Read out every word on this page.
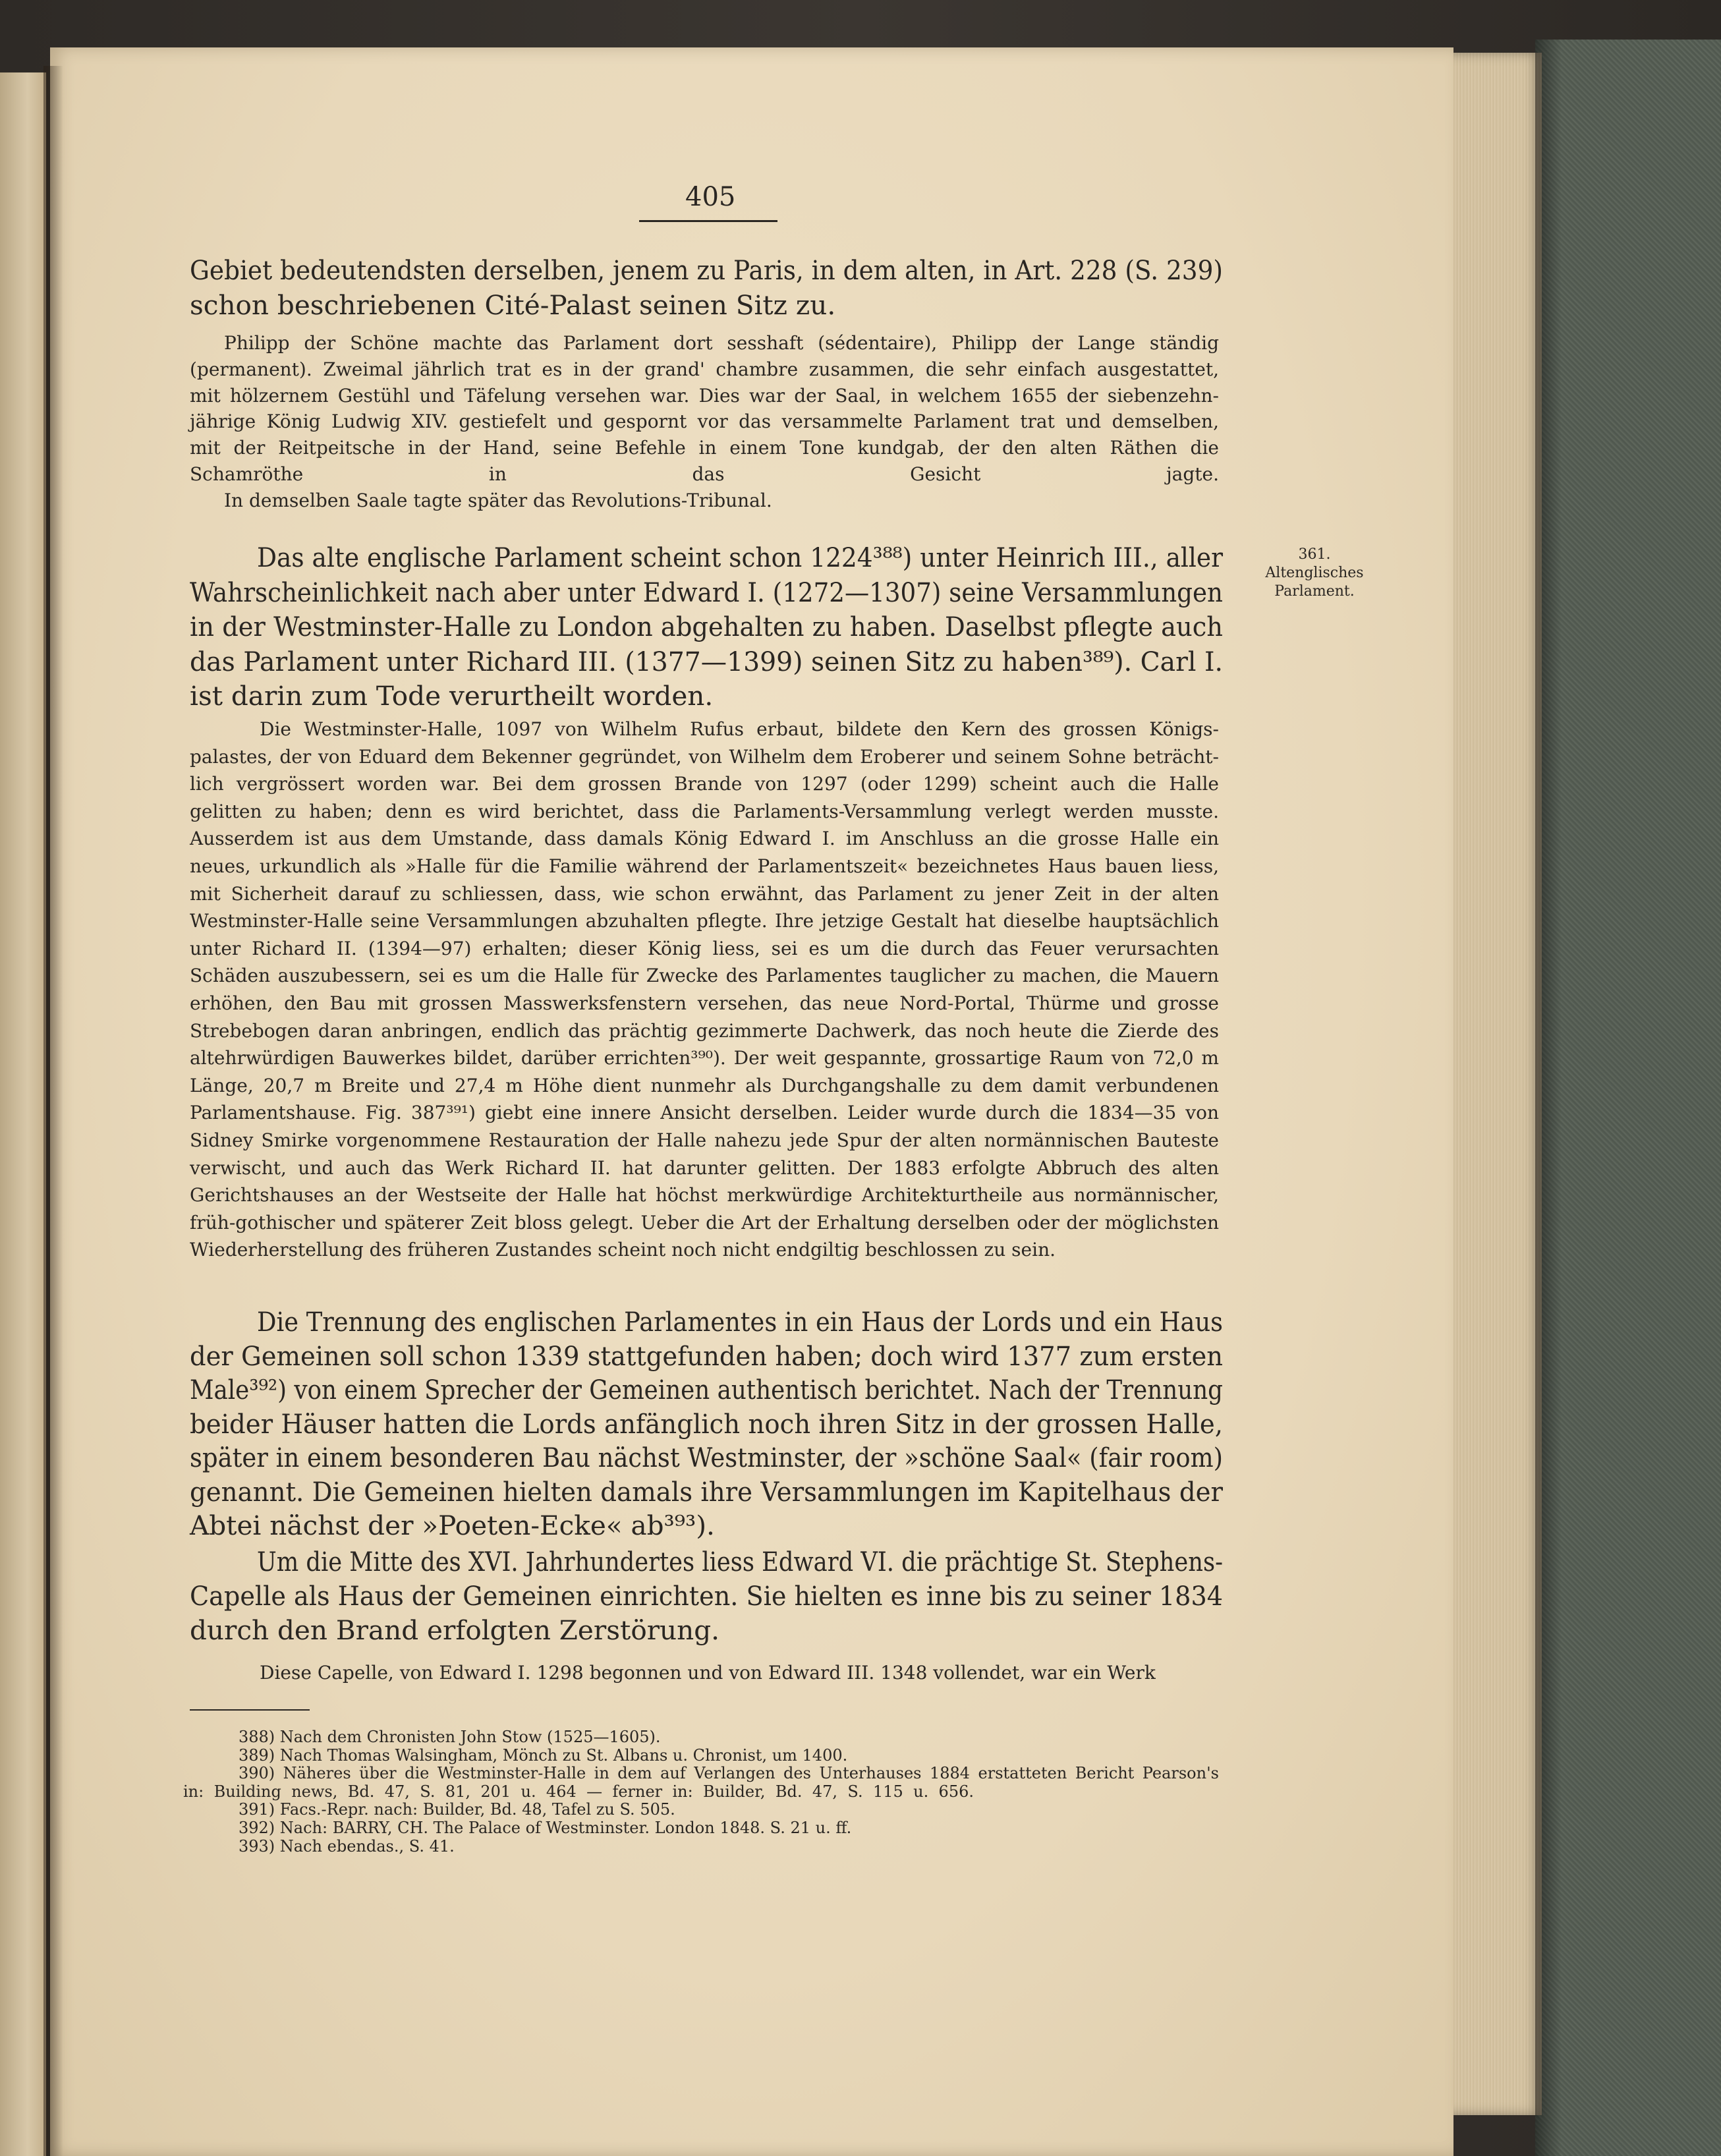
405
Gebiet bedeutendsten derselben, jenem zu Paris, in dem alten, in Art. 228 (S. 239)
schon beschriebenen Cité-Palast seinen Sitz zu.
Philipp der Schöne machte das Parlament dort sesshaft (sédentaire), Philipp der Lange ständig
(permanent). Zweimal jährlich trat es in der grand' chambre zusammen, die sehr einfach ausgestattet,
mit hölzernem Gestühl und Täfelung versehen war. Dies war der Saal, in welchem 1655 der siebenzehn-
jährige König Ludwig XIV. gestiefelt und gespornt vor das versammelte Parlament trat und demselben,
mit der Reitpeitsche in der Hand, seine Befehle in einem Tone kundgab, der den alten Räthen die
Schamröthe in das Gesicht jagte.
In demselben Saale tagte später das Revolutions-Tribunal.
Das alte englische Parlament scheint schon 1224³⁸⁸) unter Heinrich III., aller
Wahrscheinlichkeit nach aber unter Edward I. (1272—1307) seine Versammlungen
in der Westminster-Halle zu London abgehalten zu haben. Daselbst pflegte auch
das Parlament unter Richard III. (1377—1399) seinen Sitz zu haben³⁸⁹). Carl I.
ist darin zum Tode verurtheilt worden.
Die Westminster-Halle, 1097 von Wilhelm Rufus erbaut, bildete den Kern des grossen Königs-
palastes, der von Eduard dem Bekenner gegründet, von Wilhelm dem Eroberer und seinem Sohne beträcht-
lich vergrössert worden war. Bei dem grossen Brande von 1297 (oder 1299) scheint auch die Halle
gelitten zu haben; denn es wird berichtet, dass die Parlaments-Versammlung verlegt werden musste.
Ausserdem ist aus dem Umstande, dass damals König Edward I. im Anschluss an die grosse Halle ein
neues, urkundlich als »Halle für die Familie während der Parlamentszeit« bezeichnetes Haus bauen liess,
mit Sicherheit darauf zu schliessen, dass, wie schon erwähnt, das Parlament zu jener Zeit in der alten
Westminster-Halle seine Versammlungen abzuhalten pflegte. Ihre jetzige Gestalt hat dieselbe hauptsächlich
unter Richard II. (1394—97) erhalten; dieser König liess, sei es um die durch das Feuer verursachten
Schäden auszubessern, sei es um die Halle für Zwecke des Parlamentes tauglicher zu machen, die Mauern
erhöhen, den Bau mit grossen Masswerksfenstern versehen, das neue Nord-Portal, Thürme und grosse
Strebebogen daran anbringen, endlich das prächtig gezimmerte Dachwerk, das noch heute die Zierde des
altehrwürdigen Bauwerkes bildet, darüber errichten³⁹⁰). Der weit gespannte, grossartige Raum von 72,0 m
Länge, 20,7 m Breite und 27,4 m Höhe dient nunmehr als Durchgangshalle zu dem damit verbundenen
Parlamentshause. Fig. 387³⁹¹) giebt eine innere Ansicht derselben. Leider wurde durch die 1834—35 von
Sidney Smirke vorgenommene Restauration der Halle nahezu jede Spur der alten normännischen Bauteste
verwischt, und auch das Werk Richard II. hat darunter gelitten. Der 1883 erfolgte Abbruch des alten
Gerichtshauses an der Westseite der Halle hat höchst merkwürdige Architekturtheile aus normännischer,
früh-gothischer und späterer Zeit bloss gelegt. Ueber die Art der Erhaltung derselben oder der möglichsten
Wiederherstellung des früheren Zustandes scheint noch nicht endgiltig beschlossen zu sein.
Die Trennung des englischen Parlamentes in ein Haus der Lords und ein Haus
der Gemeinen soll schon 1339 stattgefunden haben; doch wird 1377 zum ersten
Male³⁹²) von einem Sprecher der Gemeinen authentisch berichtet. Nach der Trennung
beider Häuser hatten die Lords anfänglich noch ihren Sitz in der grossen Halle,
später in einem besonderen Bau nächst Westminster, der »schöne Saal« (fair room)
genannt. Die Gemeinen hielten damals ihre Versammlungen im Kapitelhaus der
Abtei nächst der »Poeten-Ecke« ab³⁹³).
Um die Mitte des XVI. Jahrhundertes liess Edward VI. die prächtige St. Stephens-
Capelle als Haus der Gemeinen einrichten. Sie hielten es inne bis zu seiner 1834
durch den Brand erfolgten Zerstörung.
Diese Capelle, von Edward I. 1298 begonnen und von Edward III. 1348 vollendet, war ein Werk
361.
Altenglisches
Parlament.
388) Nach dem Chronisten John Stow (1525—1605).
389) Nach Thomas Walsingham, Mönch zu St. Albans u. Chronist, um 1400.
390) Näheres über die Westminster-Halle in dem auf Verlangen des Unterhauses 1884 erstatteten Bericht Pearson's
in: Building news, Bd. 47, S. 81, 201 u. 464 — ferner in: Builder, Bd. 47, S. 115 u. 656.
391) Facs.-Repr. nach: Builder, Bd. 48, Tafel zu S. 505.
392) Nach: BARRY, CH. The Palace of Westminster. London 1848. S. 21 u. ff.
393) Nach ebendas., S. 41.
